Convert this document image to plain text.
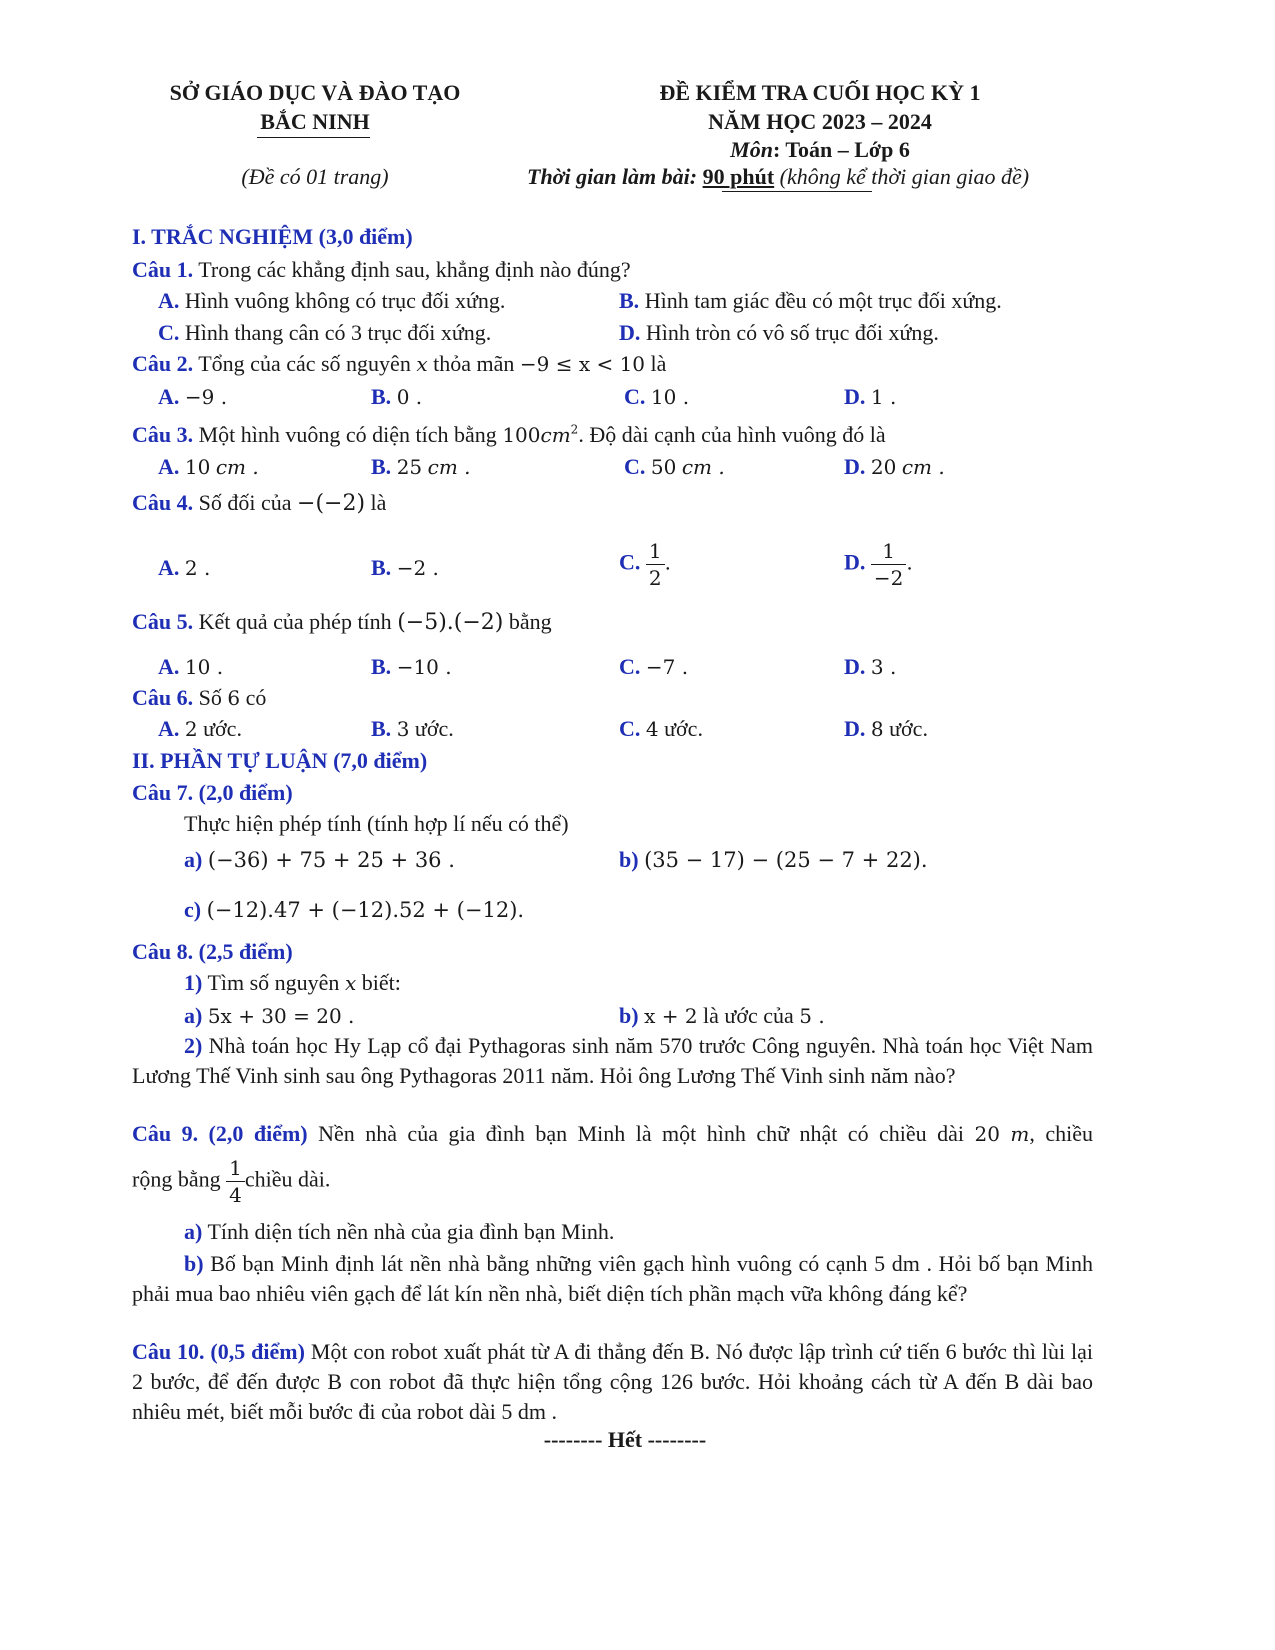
SỞ GIÁO DỤC VÀ ĐÀO TẠO
BẮC NINH
(Đề có 01 trang)
ĐỀ KIỂM TRA CUỐI HỌC KỲ 1
NĂM HỌC 2023 – 2024
Môn: Toán – Lớp 6
Thời gian làm bài: 90 phút (không kể thời gian giao đề)
I. TRẮC NGHIỆM (3,0 điểm)
Câu 1. Trong các khẳng định sau, khẳng định nào đúng?
A. Hình vuông không có trục đối xứng.	B. Hình tam giác đều có một trục đối xứng.
C. Hình thang cân có 3 trục đối xứng.	D. Hình tròn có vô số trục đối xứng.
Câu 2. Tổng của các số nguyên x thỏa mãn −9 ≤ x < 10 là
A. −9 .	B. 0 .	C. 10 .	D. 1 .
Câu 3. Một hình vuông có diện tích bằng $100cm^2$. Độ dài cạnh của hình vuông đó là
A. 10 cm .	B. 25 cm .	C. 50 cm .	D. 20 cm .
Câu 4. Số đối của −(−2) là
A. 2 .	B. −2 .	C. $\frac{1}{2}$ .	D. $\frac{1}{-2}$ .
Câu 5. Kết quả của phép tính (−5).(−2) bằng
A. 10 .	B. −10 .	C. −7 .	D. 3 .
Câu 6. Số 6 có
A. 2 ước.	B. 3 ước.	C. 4 ước.	D. 8 ước.
II. PHẦN TỰ LUẬN (7,0 điểm)
Câu 7. (2,0 điểm)
Thực hiện phép tính (tính hợp lí nếu có thể)
a) (−36) + 75 + 25 + 36 .	b) (35 − 17) − (25 − 7 + 22).
c) (−12).47 + (−12).52 + (−12).
Câu 8. (2,5 điểm)
1) Tìm số nguyên x biết:
a) 5x + 30 = 20 .	b) x + 2 là ước của 5 .
2) Nhà toán học Hy Lạp cổ đại Pythagoras sinh năm 570 trước Công nguyên. Nhà toán học Việt Nam Lương Thế Vinh sinh sau ông Pythagoras 2011 năm. Hỏi ông Lương Thế Vinh sinh năm nào?
Câu 9. (2,0 điểm) Nền nhà của gia đình bạn Minh là một hình chữ nhật có chiều dài 20 m, chiều
rộng bằng $\frac{1}{4}$ chiều dài.
a) Tính diện tích nền nhà của gia đình bạn Minh.
b) Bố bạn Minh định lát nền nhà bằng những viên gạch hình vuông có cạnh 5 dm . Hỏi bố bạn Minh phải mua bao nhiêu viên gạch để lát kín nền nhà, biết diện tích phần mạch vữa không đáng kể?
Câu 10. (0,5 điểm) Một con robot xuất phát từ A đi thẳng đến B. Nó được lập trình cứ tiến 6 bước thì lùi lại 2 bước, để đến được B con robot đã thực hiện tổng cộng 126 bước. Hỏi khoảng cách từ A đến B dài bao nhiêu mét, biết mỗi bước đi của robot dài 5 dm .
-------- Hết --------
